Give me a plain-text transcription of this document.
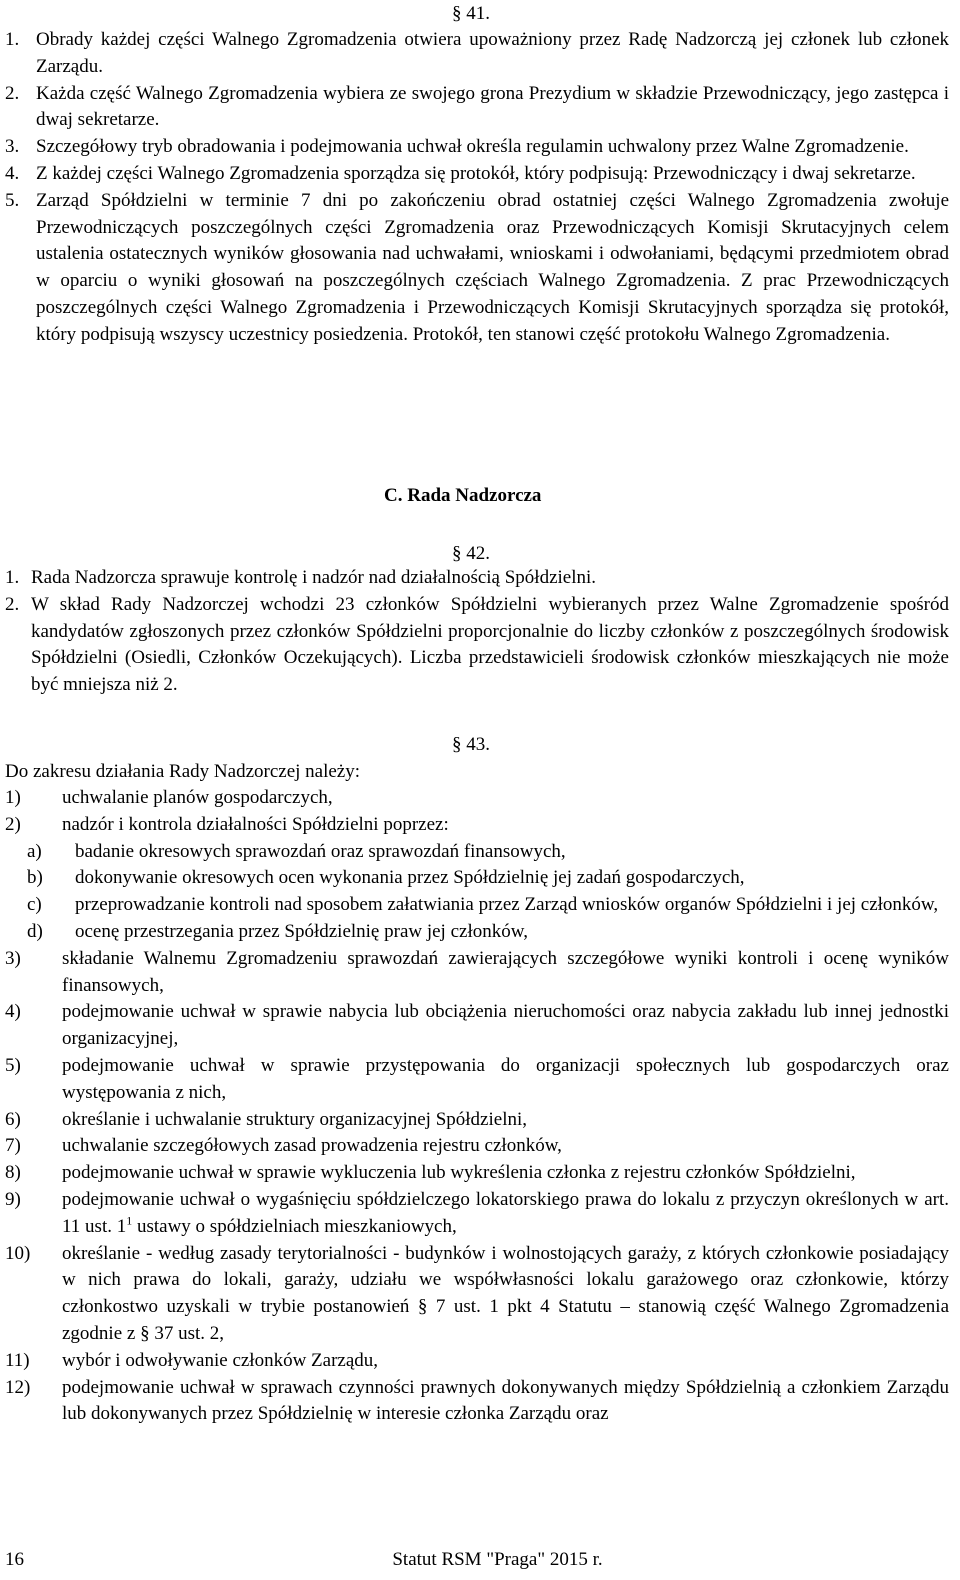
§ 41.
1. Obrady każdej części Walnego Zgromadzenia otwiera upoważniony przez Radę Nadzorczą jej członek lub członek Zarządu.
2. Każda część Walnego Zgromadzenia wybiera ze swojego grona Prezydium w składzie Przewodniczący, jego zastępca i dwaj sekretarze.
3. Szczegółowy tryb obradowania i podejmowania uchwał określa regulamin uchwalony przez Walne Zgromadzenie.
4. Z każdej części Walnego Zgromadzenia sporządza się protokół, który podpisują: Przewodniczący i dwaj sekretarze.
5. Zarząd Spółdzielni w terminie 7 dni po zakończeniu obrad ostatniej części Walnego Zgromadzenia zwołuje Przewodniczących poszczególnych części Zgromadzenia oraz Przewodniczących Komisji Skrutacyjnych celem ustalenia ostatecznych wyników głosowania nad uchwałami, wnioskami i odwołaniami, będącymi przedmiotem obrad w oparciu o wyniki głosowań na poszczególnych częściach Walnego Zgromadzenia. Z prac Przewodniczących poszczególnych części Walnego Zgromadzenia i Przewodniczących Komisji Skrutacyjnych sporządza się protokół, który podpisują wszyscy uczestnicy posiedzenia. Protokół, ten stanowi część protokołu Walnego Zgromadzenia.
C. Rada Nadzorcza
§ 42.
1. Rada Nadzorcza sprawuje kontrolę i nadzór nad działalnością Spółdzielni.
2. W skład Rady Nadzorczej wchodzi 23 członków Spółdzielni wybieranych przez Walne Zgromadzenie spośród kandydatów zgłoszonych przez członków Spółdzielni proporcjonalnie do liczby członków z poszczególnych środowisk Spółdzielni (Osiedli, Członków Oczekujących). Liczba przedstawicieli środowisk członków mieszkających nie może być mniejsza niż 2.
§ 43.
Do zakresu działania Rady Nadzorczej należy:
1) uchwalanie planów gospodarczych,
2) nadzór i kontrola działalności Spółdzielni poprzez:
a) badanie okresowych sprawozdań oraz sprawozdań finansowych,
b) dokonywanie okresowych ocen wykonania przez Spółdzielnię jej zadań gospodarczych,
c) przeprowadzanie kontroli nad sposobem załatwiania przez Zarząd wniosków organów Spółdzielni i jej członków,
d) ocenę przestrzegania przez Spółdzielnię praw jej członków,
3) składanie Walnemu Zgromadzeniu sprawozdań zawierających szczegółowe wyniki kontroli i ocenę wyników finansowych,
4) podejmowanie uchwał w sprawie nabycia lub obciążenia nieruchomości oraz nabycia zakładu lub innej jednostki organizacyjnej,
5) podejmowanie uchwał w sprawie przystępowania do organizacji społecznych lub gospodarczych oraz występowania z nich,
6) określanie i uchwalanie struktury organizacyjnej Spółdzielni,
7) uchwalanie szczegółowych zasad prowadzenia rejestru członków,
8) podejmowanie uchwał w sprawie wykluczenia lub wykreślenia członka z rejestru członków Spółdzielni,
9) podejmowanie uchwał o wygaśnięciu spółdzielczego lokatorskiego prawa do lokalu z przyczyn określonych w art. 11 ust. $1^1$ ustawy o spółdzielniach mieszkaniowych,
10) określanie - według zasady terytorialności - budynków i wolnostojących garaży, z których członkowie posiadający w nich prawa do lokali, garaży, udziału we współwłasności lokalu garażowego oraz członkowie, którzy członkostwo uzyskali w trybie postanowień § 7 ust. 1 pkt 4 Statutu – stanowią część Walnego Zgromadzenia zgodnie z § 37 ust. 2,
11) wybór i odwoływanie członków Zarządu,
12) podejmowanie uchwał w sprawach czynności prawnych dokonywanych między Spółdzielnią a członkiem Zarządu lub dokonywanych przez Spółdzielnię w interesie członka Zarządu oraz
16	Statut RSM "Praga" 2015 r.
